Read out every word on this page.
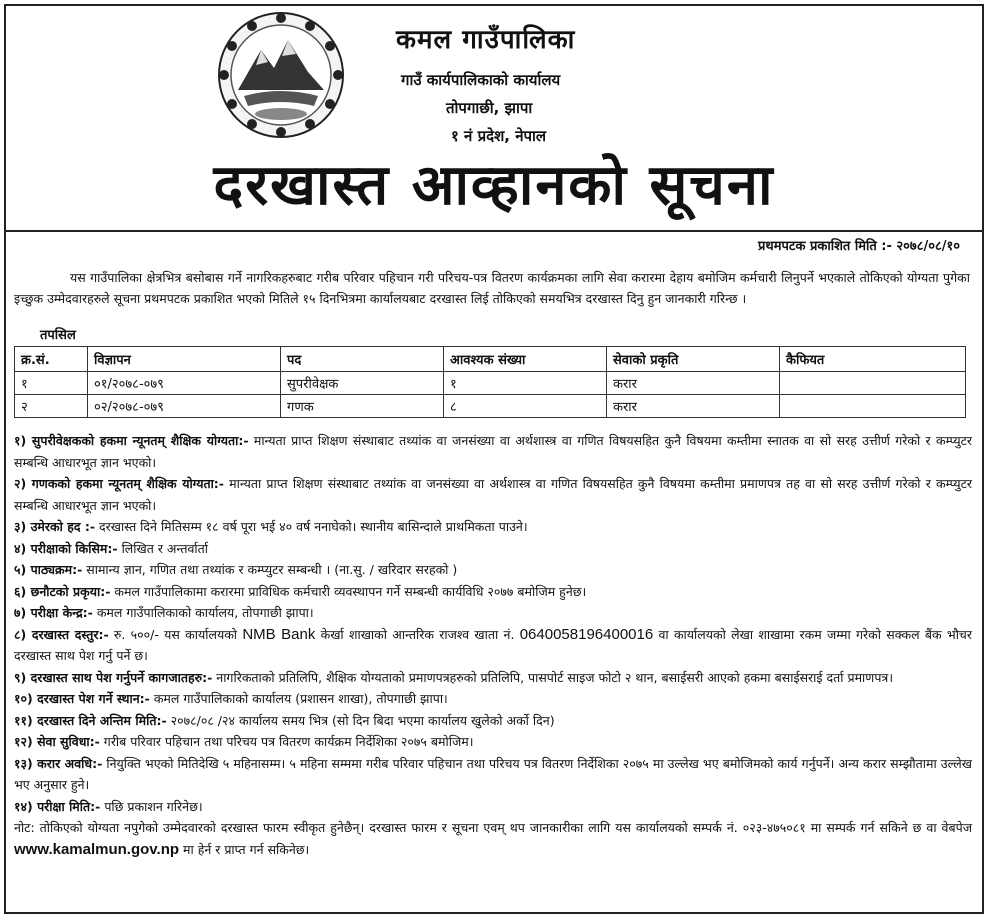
कमल गाउँपालिका
गाउँ कार्यपालिकाको कार्यालय
तोपगाछी, झापा
१ नं प्रदेश, नेपाल
दरखास्त आव्हानको सूचना
प्रथमपटक प्रकाशित मिति :- २०७८/०८/१०

यस गाउँपालिका क्षेत्रभित्र बसोबास गर्ने नागरिकहरुबाट गरीब परिवार पहिचान गरी परिचय-पत्र वितरण कार्यक्रमका लागि सेवा करारमा देहाय बमोजिम कर्मचारी लिनुपर्ने भएकाले तोकिएको योग्यता पुगेका इच्छुक उम्मेदवारहरुले सूचना प्रथमपटक प्रकाशित भएको मितिले १५ दिनभित्रमा कार्यालयबाट दरखास्त लिई तोकिएको समयभित्र दरखास्त दिनु हुन जानकारी गरिन्छ ।

तपसिल
क्र.सं.	विज्ञापन	पद	आवश्यक संख्या	सेवाको प्रकृति	कैफियत
१	०१/२०७८-०७९	सुपरीवेक्षक	१	करार	
२	०२/२०७८-०७९	गणक	८	करार	

१) सुपरीवेक्षकको हकमा न्यूनतम् शैक्षिक योग्यता:- मान्यता प्राप्त शिक्षण संस्थाबाट तथ्यांक वा जनसंख्या वा अर्थशास्त्र वा गणित विषयसहित कुनै विषयमा कम्तीमा स्नातक वा सो सरह उत्तीर्ण गरेको र कम्प्युटर सम्बन्धि आधारभूत ज्ञान भएको।

२) गणकको हकमा न्यूनतम् शैक्षिक योग्यता:- मान्यता प्राप्त शिक्षण संस्थाबाट तथ्यांक वा जनसंख्या वा अर्थशास्त्र वा गणित विषयसहित कुनै विषयमा कम्तीमा प्रमाणपत्र तह वा सो सरह उत्तीर्ण गरेको र कम्प्युटर सम्बन्धि आधारभूत ज्ञान भएको।

३) उमेरको हद :- दरखास्त दिने मितिसम्म १८ वर्ष पूरा भई ४० वर्ष ननाघेको। स्थानीय बासिन्दाले प्राथमिकता पाउने।

४) परीक्षाको किसिम:- लिखित र अन्तर्वार्ता

५) पाठ्यक्रम:- सामान्य ज्ञान, गणित तथा तथ्यांक र कम्प्युटर सम्बन्धी । (ना.सु. / खरिदार सरहको )

६) छनौटको प्रकृया:- कमल गाउँपालिकामा करारमा प्राविधिक कर्मचारी व्यवस्थापन गर्ने सम्बन्धी कार्यविधि २०७७ बमोजिम हुनेछ।

७) परीक्षा केन्द्र:- कमल गाउँपालिकाको कार्यालय, तोपगाछी झापा।

८) दरखास्त दस्तुर:- रु. ५००/- यस कार्यालयको NMB Bank केर्खा शाखाको आन्तरिक राजश्व खाता नं. 0640058196400016 वा कार्यालयको लेखा शाखामा रकम जम्मा गरेको सक्कल बैंक भौचर दरखास्त साथ पेश गर्नु पर्ने छ।

९) दरखास्त साथ पेश गर्नुपर्ने कागजातहरु:- नागरिकताको प्रतिलिपि, शैक्षिक योग्यताको प्रमाणपत्रहरुको प्रतिलिपि, पासपोर्ट साइज फोटो २ थान, बसाईसरी आएको हकमा बसाईसराई दर्ता प्रमाणपत्र।

१०) दरखास्त पेश गर्ने स्थान:- कमल गाउँपालिकाको कार्यालय (प्रशासन शाखा), तोपगाछी झापा।

११) दरखास्त दिने अन्तिम मिति:- २०७८/०८ /२४ कार्यालय समय भित्र (सो दिन बिदा भएमा कार्यालय खुलेको अर्को दिन)

१२) सेवा सुविधा:- गरीब परिवार पहिचान तथा परिचय पत्र वितरण कार्यक्रम निर्देशिका २०७५ बमोजिम।

१३) करार अवधि:- नियुक्ति भएको मितिदेखि ५ महिनासम्म। ५ महिना सम्ममा गरीब परिवार पहिचान तथा परिचय पत्र वितरण निर्देशिका २०७५ मा उल्लेख भए बमोजिमको कार्य गर्नुपर्ने। अन्य करार सम्झौतामा उल्लेख भए अनुसार हुने।

१४) परीक्षा मिति:- पछि प्रकाशन गरिनेछ।

नोट: तोकिएको योग्यता नपुगेको उम्मेदवारको दरखास्त फारम स्वीकृत हुनेछैन्। दरखास्त फारम र सूचना एवम् थप जानकारीका लागि यस कार्यालयको सम्पर्क नं. ०२३-४७५०८१ मा सम्पर्क गर्न सकिने छ वा वेबपेज www.kamalmun.gov.np मा हेर्न र प्राप्त गर्न सकिनेछ।
